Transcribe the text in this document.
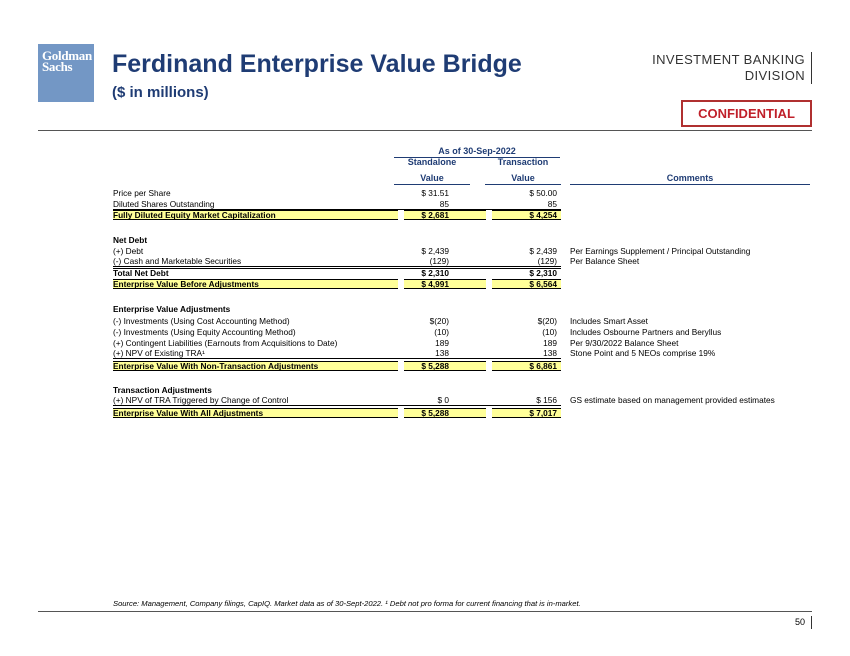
Goldman
Sachs	Ferdinand Enterprise Value Bridge
($ in millions)
INVESTMENT BANKING
DIVISION
CONFIDENTIAL
As of 30-Sep-2022
Standalone	Transaction
Value	Value	Comments
Price per Share	$ 31.51	$ 50.00
Diluted Shares Outstanding	85	85
Fully Diluted Equity Market Capitalization	$ 2,681	$ 4,254
Net Debt
(+) Debt	$ 2,439	$ 2,439 Per Earnings Supplement / Principal Outstanding
(-) Cash and Marketable Securities	(129)	(129) Per Balance Sheet
Total Net Debt	$ 2,310	$ 2,310
Enterprise Value Before Adjustments	$ 4,991	$ 6,564
Enterprise Value Adjustments
(-) Investments (Using Cost Accounting Method)	$(20)	$(20) Includes Smart Asset
(-) Investments (Using Equity Accounting Method)	(10)	(10) Includes Osbourne Partners and Beryllus
(+) Contingent Liabilities (Earnouts from Acquisitions to Date)	189	189 Per 9/30/2022 Balance Sheet
(+) NPV of Existing TRA¹	138	138 Stone Point and 5 NEOs comprise 19%
Enterprise Value With Non-Transaction Adjustments	$ 5,288	$ 6,861
Transaction Adjustments
(+) NPV of TRA Triggered by Change of Control	$ 0	$ 156 GS estimate based on management provided estimates
Enterprise Value With All Adjustments	$ 5,288	$ 7,017
Source: Management, Company filings, CapIQ. Market data as of 30-Sept-2022. ¹ Debt not pro forma for current financing that is in-market.
50
